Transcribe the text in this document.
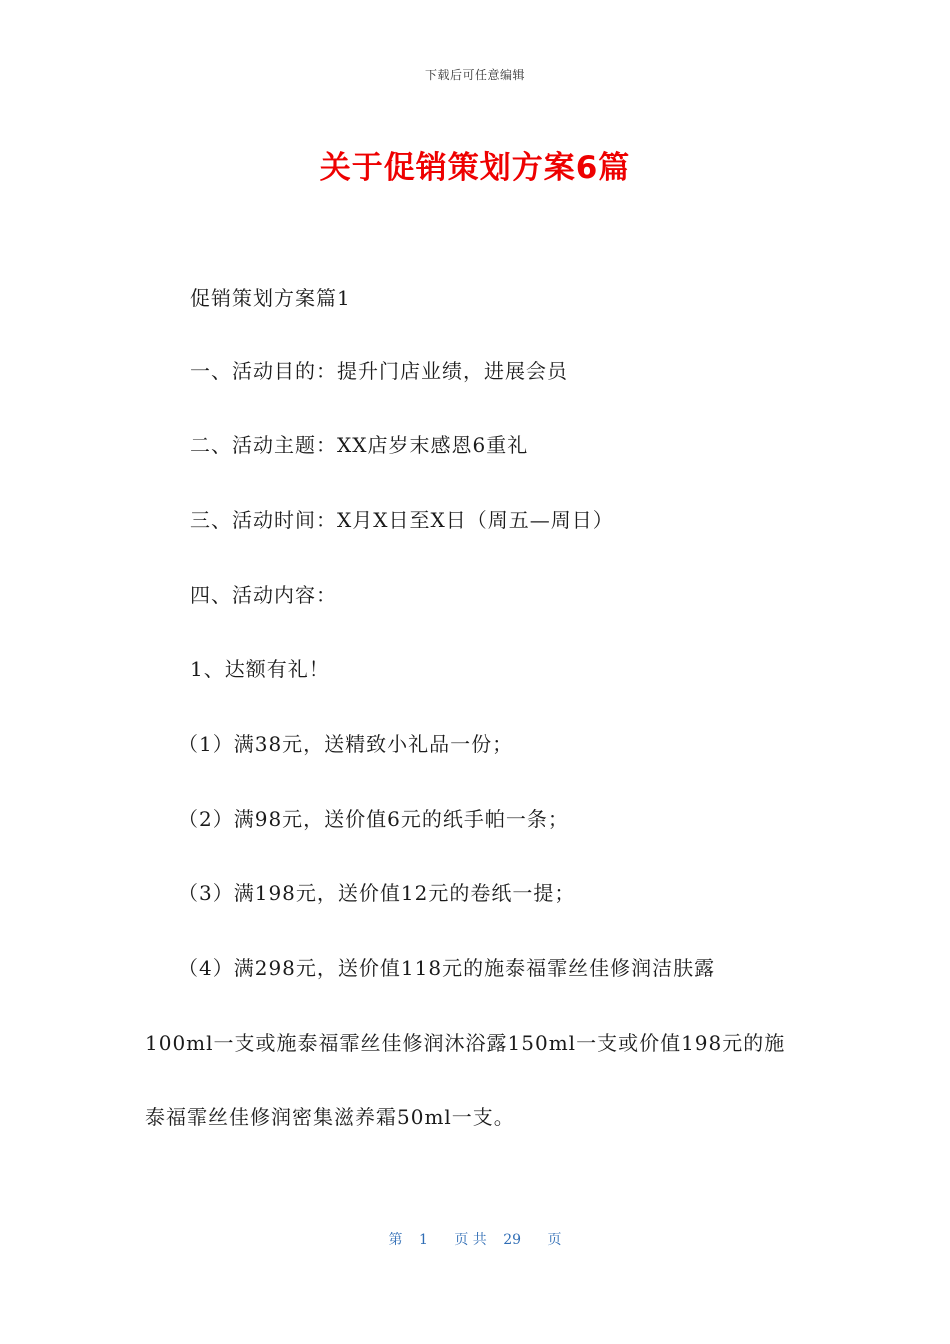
下载后可任意编辑
关于促销策划方案6篇

促销策划方案篇1

一、活动目的：提升门店业绩，进展会员

二、活动主题：XX店岁末感恩6重礼

三、活动时间：X月X日至X日（周五—周日）

四、活动内容：

1、达额有礼！

（1）满38元，送精致小礼品一份；

（2）满98元，送价值6元的纸手帕一条；

（3）满198元，送价值12元的卷纸一提；

（4）满298元，送价值118元的施泰福霏丝佳修润洁肤露

100ml一支或施泰福霏丝佳修润沐浴露150ml一支或价值198元的施

泰福霏丝佳修润密集滋养霜50ml一支。

第 1 页 共 29 页
